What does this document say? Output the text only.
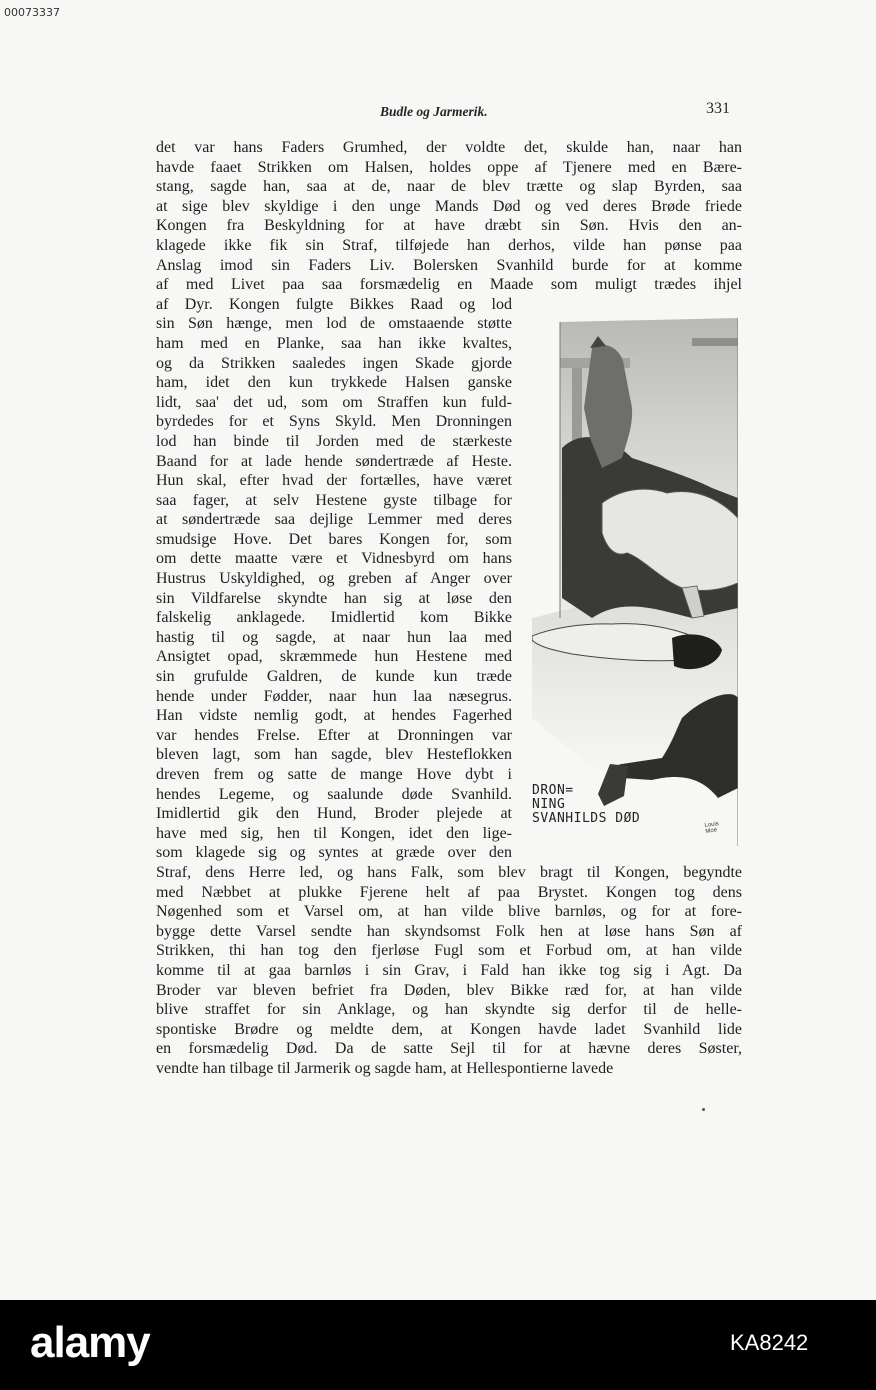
00073337
Budle og Jarmerik.	331
det var hans Faders Grumhed, der voldte det, skulde han, naar han
havde faaet Strikken om Halsen, holdes oppe af Tjenere med en Bære-
stang, sagde han, saa at de, naar de blev trætte og slap Byrden, saa
at sige blev skyldige i den unge Mands Død og ved deres Brøde friede
Kongen fra Beskyldning for at have dræbt sin Søn. Hvis den an-
klagede ikke fik sin Straf, tilføjede han derhos, vilde han pønse paa
Anslag imod sin Faders Liv. Bolersken Svanhild burde for at komme
af med Livet paa saa forsmædelig en Maade som muligt trædes ihjel
af Dyr. Kongen fulgte Bikkes Raad og lod
sin Søn hænge, men lod de omstaaende støtte
ham med en Planke, saa han ikke kvaltes,
og da Strikken saaledes ingen Skade gjorde
ham, idet den kun trykkede Halsen ganske
lidt, saa' det ud, som om Straffen kun fuld-
byrdedes for et Syns Skyld. Men Dronningen
lod han binde til Jorden med de stærkeste
Baand for at lade hende søndertræde af Heste.
Hun skal, efter hvad der fortælles, have været
saa fager, at selv Hestene gyste tilbage for
at søndertræde saa dejlige Lemmer med deres
smudsige Hove. Det bares Kongen for, som
om dette maatte være et Vidnesbyrd om hans
Hustrus Uskyldighed, og greben af Anger over
sin Vildfarelse skyndte han sig at løse den
falskelig anklagede. Imidlertid kom Bikke
hastig til og sagde, at naar hun laa med
Ansigtet opad, skræmmede hun Hestene med
sin grufulde Galdren, de kunde kun træde
hende under Fødder, naar hun laa næsegrus.
Han vidste nemlig godt, at hendes Fagerhed
var hendes Frelse. Efter at Dronningen var
bleven lagt, som han sagde, blev Hesteflokken
dreven frem og satte de mange Hove dybt i
hendes Legeme, og saalunde døde Svanhild.
Imidlertid gik den Hund, Broder plejede at
have med sig, hen til Kongen, idet den lige-
som klagede sig og syntes at græde over den
Straf, dens Herre led, og hans Falk, som blev bragt til Kongen, begyndte
med Næbbet at plukke Fjerene helt af paa Brystet. Kongen tog dens
Nøgenhed som et Varsel om, at han vilde blive barnløs, og for at fore-
bygge dette Varsel sendte han skyndsomst Folk hen at løse hans Søn af
Strikken, thi han tog den fjerløse Fugl som et Forbud om, at han vilde
komme til at gaa barnløs i sin Grav, i Fald han ikke tog sig i Agt. Da
Broder var bleven befriet fra Døden, blev Bikke ræd for, at han vilde
blive straffet for sin Anklage, og han skyndte sig derfor til de helle-
spontiske Brødre og meldte dem, at Kongen havde ladet Svanhild lide
en forsmædelig Død. Da de satte Sejl til for at hævne deres Søster,
vendte han tilbage til Jarmerik og sagde ham, at Hellespontierne lavede
DRON=
NING
SVANHILDS DØD	Louis
Moe
alamy	KA8242
